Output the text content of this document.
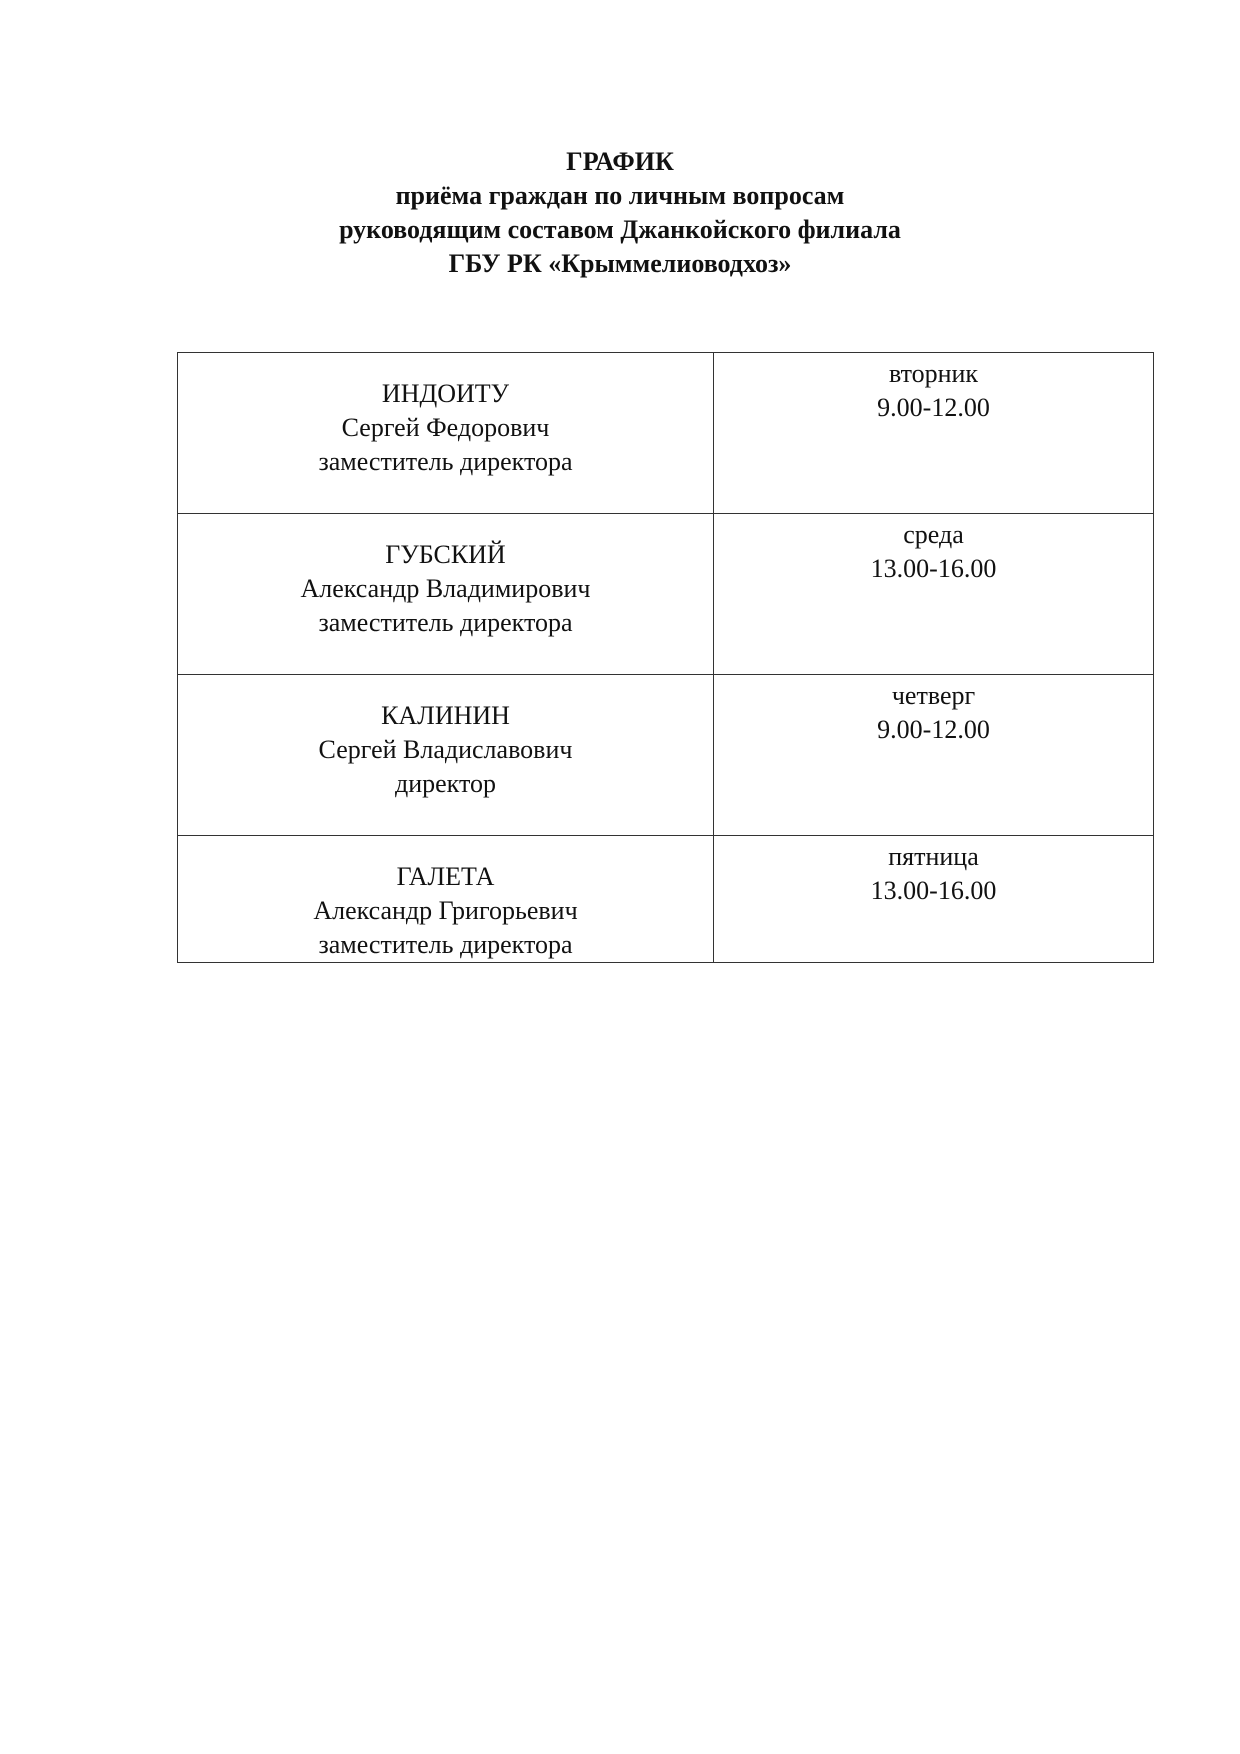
ГРАФИК
приёма граждан по личным вопросам
руководящим составом Джанкойского филиала
ГБУ РК «Крыммелиоводхоз»
ИНДОИТУ
Сергей Федорович
заместитель директора	вторник
9.00-12.00

ГУБСКИЙ
Александр Владимирович
заместитель директора	среда
13.00-16.00

КАЛИНИН
Сергей Владиславович
директор	четверг
9.00-12.00

ГАЛЕТА
Александр Григорьевич
заместитель директора	пятница
13.00-16.00
